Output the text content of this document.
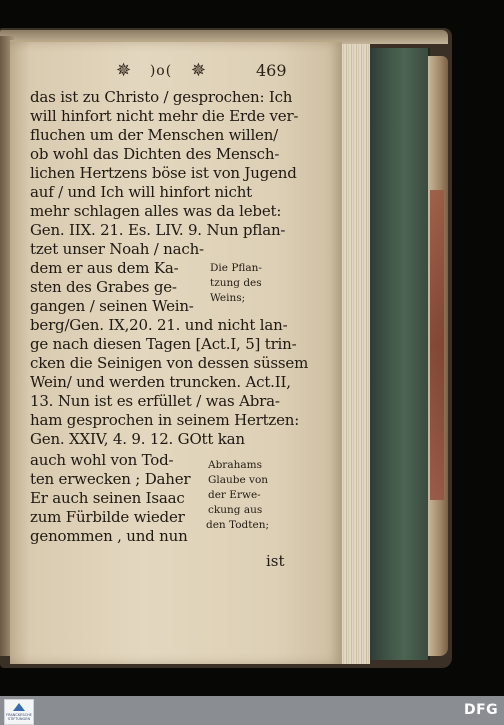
✵ )o( ✵	469
das ist zu Christo / gesprochen: Ich
will hinfort nicht mehr die Erde ver-
fluchen um der Menschen willen/
ob wohl das Dichten des Mensch-
lichen Hertzens böse ist von Jugend
auf / und Ich will hinfort nicht
mehr schlagen alles was da lebet:
Gen. IIX. 21. Es. LIV. 9. Nun pflan-
tzet unser Noah / nach-
dem er aus dem Ka-
sten des Grabes ge-
gangen / seinen Wein-
berg/Gen. IX,20. 21. und nicht lan-
ge nach diesen Tagen [Act.I, 5] trin-
cken die Seinigen von dessen süssem
Wein/ und werden truncken. Act.II,
13. Nun ist es erfüllet / was Abra-
ham gesprochen in seinem Hertzen:
Gen. XXIV, 4. 9. 12. GOtt kan
auch wohl von Tod-
ten erwecken ; Daher
Er auch seinen Isaac
zum Fürbilde wieder
genommen , und nun
Die Pflan-
tzung des
Weins;
Abrahams
Glaube von
der Erwe-
ckung aus
den Todten;
ist
FRANCKESCHE STIFTUNGEN
DFG
